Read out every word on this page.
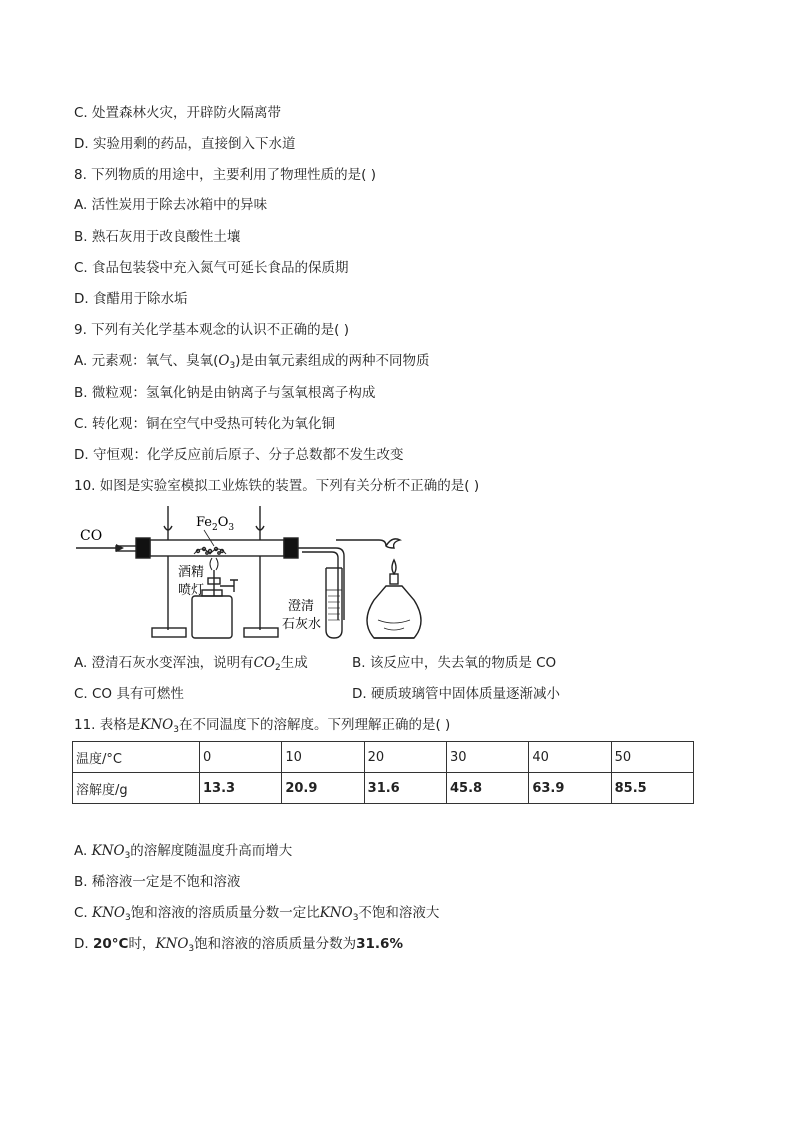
C. 处置森林火灾，开辟防火隔离带
D. 实验用剩的药品，直接倒入下水道
8. 下列物质的用途中，主要利用了物理性质的是( )
A. 活性炭用于除去冰箱中的异味
B. 熟石灰用于改良酸性土壤
C. 食品包装袋中充入氮气可延长食品的保质期
D. 食醋用于除水垢
9. 下列有关化学基本观念的认识不正确的是( )
A. 元素观：氧气、臭氧$(O_3)$是由氧元素组成的两种不同物质
B. 微粒观：氢氧化钠是由钠离子与氢氧根离子构成
C. 转化观：铜在空气中受热可转化为氧化铜
D. 守恒观：化学反应前后原子、分子总数都不发生改变
10. 如图是实验室模拟工业炼铁的装置。下列有关分析不正确的是( )
CO
$Fe_2O_3$
酒精
喷灯
澄清
石灰水
A. 澄清石灰水变浑浊，说明有$CO_2$生成	B. 该反应中，失去氧的物质是 CO
C. CO 具有可燃性	D. 硬质玻璃管中固体质量逐渐减小
11. 表格是$KNO_3$在不同温度下的溶解度。下列理解正确的是( )
温度/°C	0	10	20	30	40	50
溶解度/g	13.3	20.9	31.6	45.8	63.9	85.5
A. $KNO_3$的溶解度随温度升高而增大
B. 稀溶液一定是不饱和溶液
C. $KNO_3$饱和溶液的溶质质量分数一定比$KNO_3$不饱和溶液大
D. 20°C时，$KNO_3$饱和溶液的溶质质量分数为31.6%
